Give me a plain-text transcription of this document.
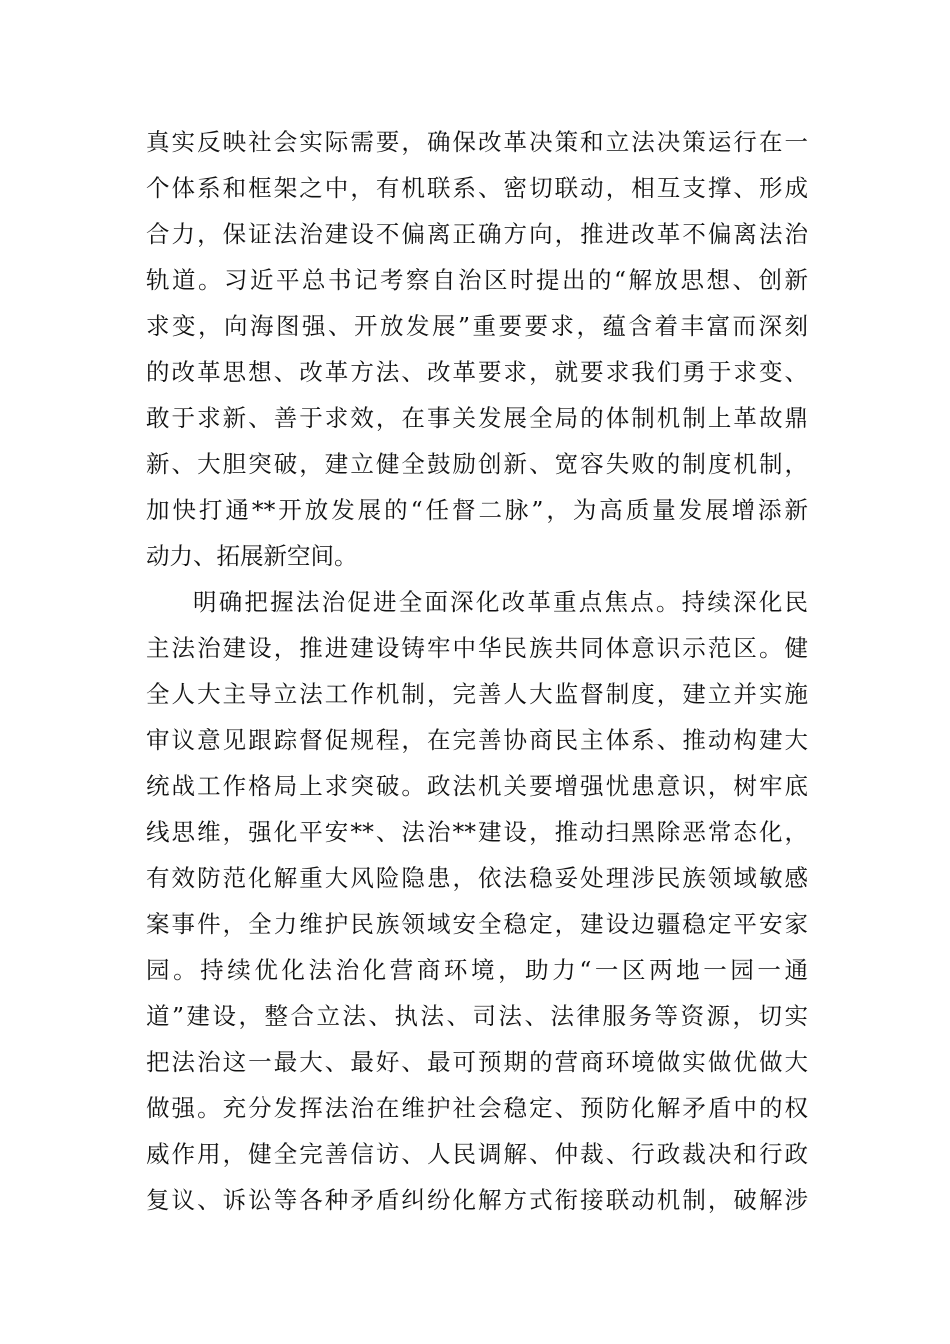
真实反映社会实际需要，确保改革决策和立法决策运行在一
个体系和框架之中，有机联系、密切联动，相互支撑、形成
合力，保证法治建设不偏离正确方向，推进改革不偏离法治
轨道。习近平总书记考察自治区时提出的“解放思想、创新
求变，向海图强、开放发展”重要要求，蕴含着丰富而深刻
的改革思想、改革方法、改革要求，就要求我们勇于求变、
敢于求新、善于求效，在事关发展全局的体制机制上革故鼎
新、大胆突破，建立健全鼓励创新、宽容失败的制度机制，
加快打通**开放发展的“任督二脉”，为高质量发展增添新
动力、拓展新空间。
明确把握法治促进全面深化改革重点焦点。持续深化民
主法治建设，推进建设铸牢中华民族共同体意识示范区。健
全人大主导立法工作机制，完善人大监督制度，建立并实施
审议意见跟踪督促规程，在完善协商民主体系、推动构建大
统战工作格局上求突破。政法机关要增强忧患意识，树牢底
线思维，强化平安**、法治**建设，推动扫黑除恶常态化，
有效防范化解重大风险隐患，依法稳妥处理涉民族领域敏感
案事件，全力维护民族领域安全稳定，建设边疆稳定平安家
园。持续优化法治化营商环境，助力“一区两地一园一通
道”建设，整合立法、执法、司法、法律服务等资源，切实
把法治这一最大、最好、最可预期的营商环境做实做优做大
做强。充分发挥法治在维护社会稳定、预防化解矛盾中的权
威作用，健全完善信访、人民调解、仲裁、行政裁决和行政
复议、诉讼等各种矛盾纠纷化解方式衔接联动机制，破解涉
